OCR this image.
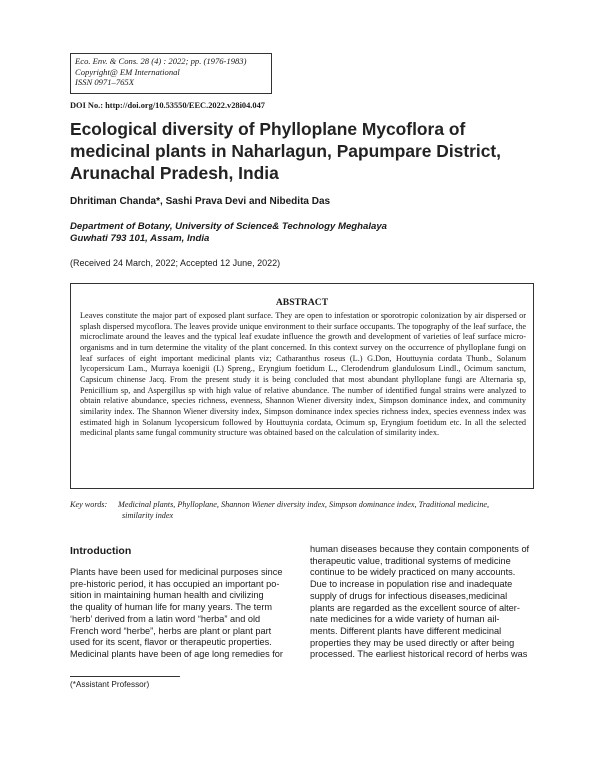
Eco. Env. & Cons. 28 (4) : 2022; pp. (1976-1983)
Copyright@ EM International
ISSN 0971–765X
DOI No.: http://doi.org/10.53550/EEC.2022.v28i04.047
Ecological diversity of Phylloplane Mycoflora of medicinal plants in Naharlagun, Papumpare District, Arunachal Pradesh, India
Dhritiman Chanda*, Sashi Prava Devi and Nibedita Das
Department of Botany, University of Science& Technology Meghalaya
Guwhati 793 101, Assam, India
(Received 24 March, 2022; Accepted 12 June, 2022)
ABSTRACT
Leaves constitute the major part of exposed plant surface. They are open to infestation or sporotropic colonization by air dispersed or splash dispersed mycoflora. The leaves provide unique environment to their surface occupants. The topography of the leaf surface, the microclimate around the leaves and the typical leaf exudate influence the growth and development of varieties of leaf surface micro-organisms and in turn determine the vitality of the plant concerned. In this context survey on the occurrence of phylloplane fungi on leaf surfaces of eight important medicinal plants viz; Catharanthus roseus (L.) G.Don, Houttuynia cordata Thunb., Solanum lycopersicum Lam., Murraya koenigii (L) Spreng., Eryngium foetidum L., Clerodendrum glandulosum Lindl., Ocimum sanctum, Capsicum chinense Jacq. From the present study it is being concluded that most abundant phylloplane fungi are Alternaria sp, Penicillium sp, and Aspergillus sp with high value of relative abundance. The number of identified fungal strains were analyzed to obtain relative abundance, species richness, evenness, Shannon Wiener diversity index, Simpson dominance index, and community similarity index. The Shannon Wiener diversity index, Simpson dominance index species richness index, species evenness index was estimated high in Solanum lycopersicum followed by Houttuynia cordata, Ocimum sp, Eryngium foetidum etc. In all the selected medicinal plants same fungal community structure was obtained based on the calculation of similarity index.
Key words: Medicinal plants, Phylloplane, Shannon Wiener diversity index, Simpson dominance index, Traditional medicine,
similarity index
Introduction
Plants have been used for medicinal purposes since
pre-historic period, it has occupied an important po-
sition in maintaining human health and civilizing
the quality of human life for many years. The term
‘herb’ derived from a latin word “herba” and old
French word “herbe”, herbs are plant or plant part
used for its scent, flavor or therapeutic properties.
Medicinal plants have been of age long remedies for
human diseases because they contain components of
therapeutic value, traditional systems of medicine
continue to be widely practiced on many accounts.
Due to increase in population rise and inadequate
supply of drugs for infectious diseases,medicinal
plants are regarded as the excellent source of alter-
nate medicines for a wide variety of human ail-
ments. Different plants have different medicinal
properties they may be used directly or after being
processed. The earliest historical record of herbs was
(*Assistant Professor)
